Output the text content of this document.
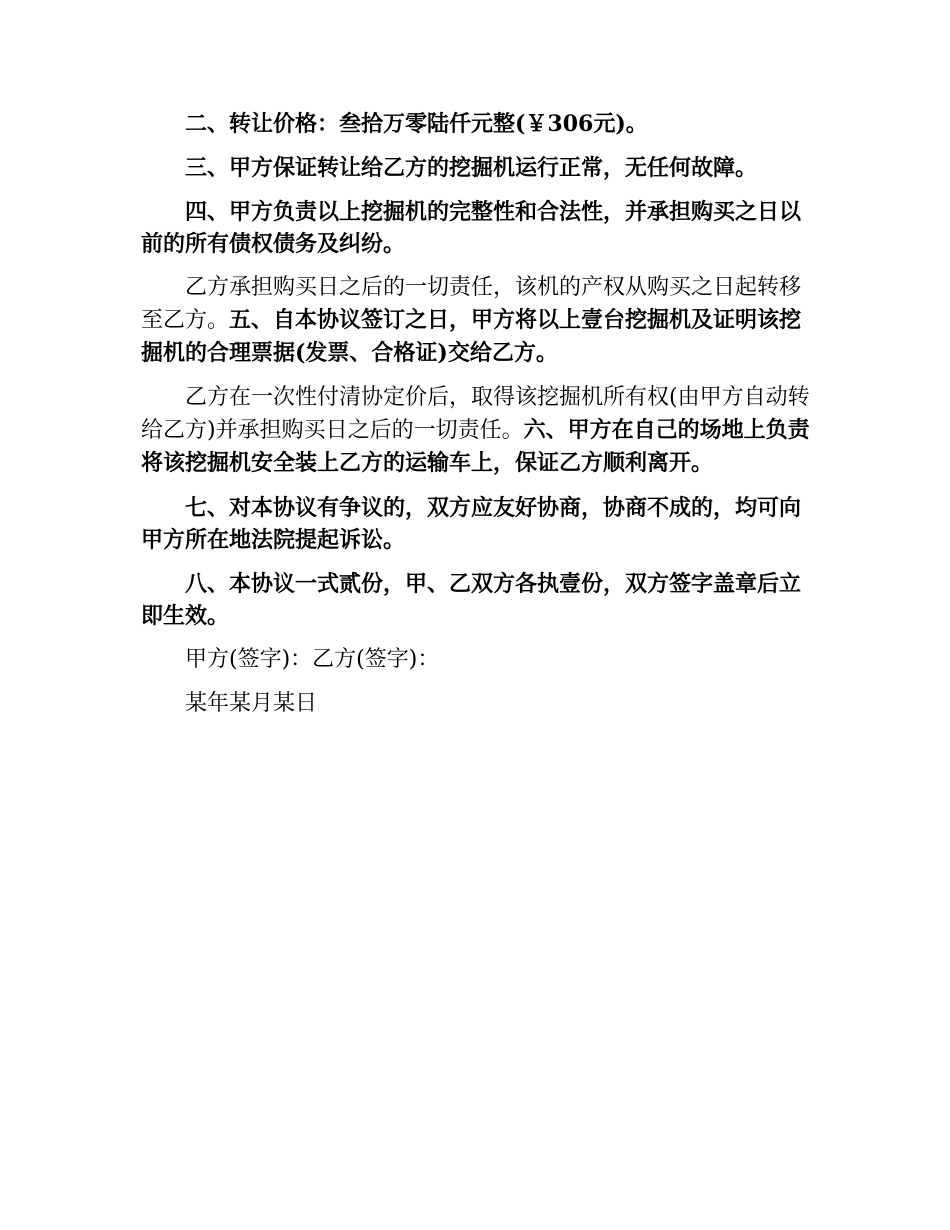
二、转让价格：叁拾万零陆仟元整(￥306元)。

三、甲方保证转让给乙方的挖掘机运行正常，无任何故障。

四、甲方负责以上挖掘机的完整性和合法性，并承担购买之日以前的所有债权债务及纠纷。

乙方承担购买日之后的一切责任，该机的产权从购买之日起转移至乙方。五、自本协议签订之日，甲方将以上壹台挖掘机及证明该挖掘机的合理票据(发票、合格证)交给乙方。

乙方在一次性付清协定价后，取得该挖掘机所有权(由甲方自动转给乙方)并承担购买日之后的一切责任。六、甲方在自己的场地上负责将该挖掘机安全装上乙方的运输车上，保证乙方顺利离开。

七、对本协议有争议的，双方应友好协商，协商不成的，均可向甲方所在地法院提起诉讼。

八、本协议一式贰份，甲、乙双方各执壹份，双方签字盖章后立即生效。

甲方(签字)：乙方(签字)：

某年某月某日
